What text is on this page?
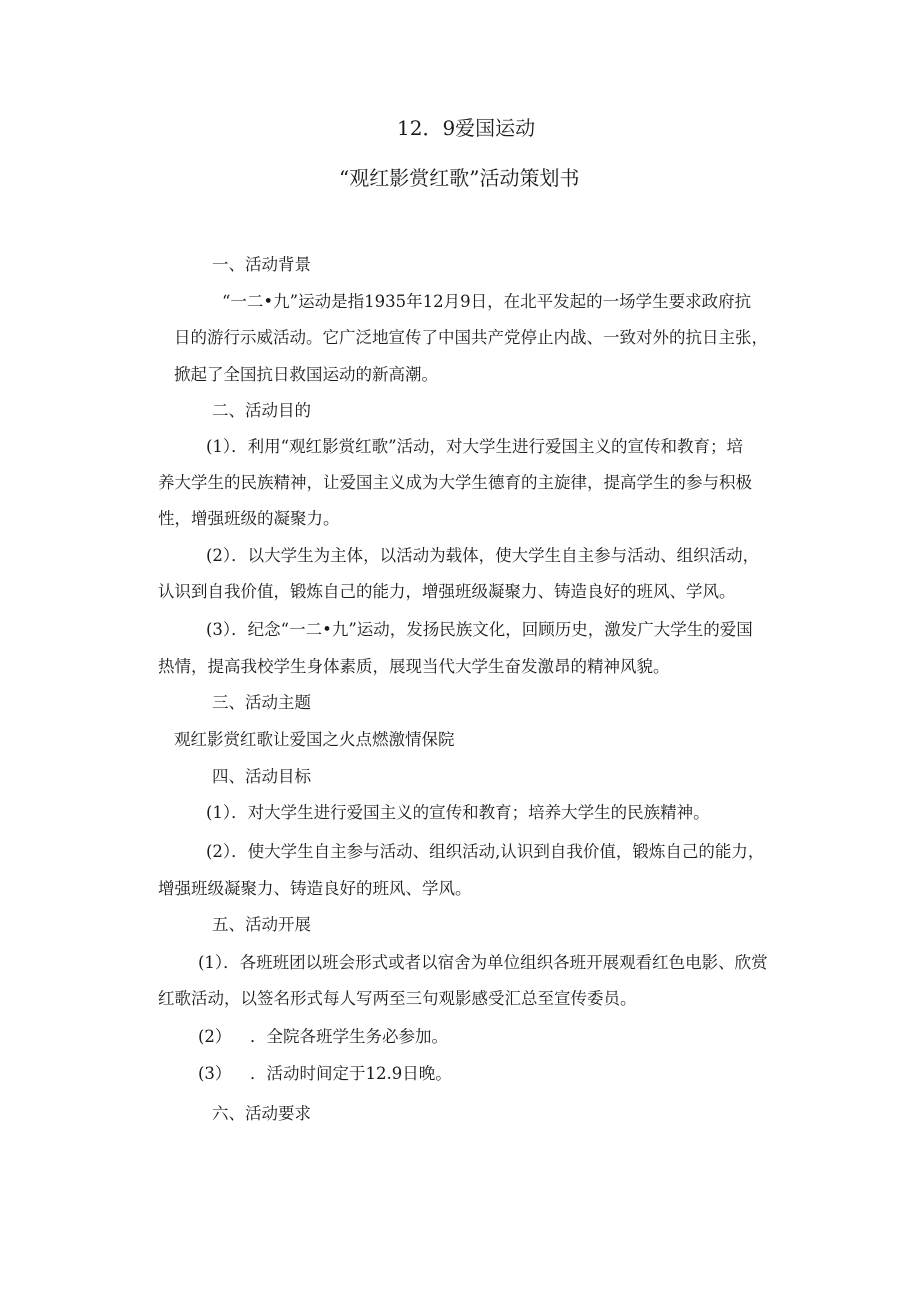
12．9爱国运动
“观红影赏红歌”活动策划书
一、活动背景
“一二•九”运动是指1935年12月9日，在北平发起的一场学生要求政府抗
日的游行示威活动。它广泛地宣传了中国共产党停止内战、一致对外的抗日主张，
掀起了全国抗日救国运动的新高潮。
二、活动目的
(1）．利用“观红影赏红歌”活动，对大学生进行爱国主义的宣传和教育；培
养大学生的民族精神，让爱国主义成为大学生德育的主旋律，提高学生的参与积极
性，增强班级的凝聚力。
(2）．以大学生为主体，以活动为载体，使大学生自主参与活动、组织活动，
认识到自我价值，锻炼自己的能力，增强班级凝聚力、铸造良好的班风、学风。
(3）．纪念“一二•九”运动，发扬民族文化，回顾历史，激发广大学生的爱国
热情，提高我校学生身体素质，展现当代大学生奋发激昂的精神风貌。
三、活动主题
观红影赏红歌让爱国之火点燃激情保院
四、活动目标
(1）．对大学生进行爱国主义的宣传和教育；培养大学生的民族精神。
(2）．使大学生自主参与活动、组织活动,认识到自我价值，锻炼自己的能力，
增强班级凝聚力、铸造良好的班风、学风。
五、活动开展
(1）．各班班团以班会形式或者以宿舍为单位组织各班开展观看红色电影、欣赏
红歌活动，以签名形式每人写两至三句观影感受汇总至宣传委员。
(2） ．全院各班学生务必参加。
(3） ．活动时间定于12.9日晚。
六、活动要求
